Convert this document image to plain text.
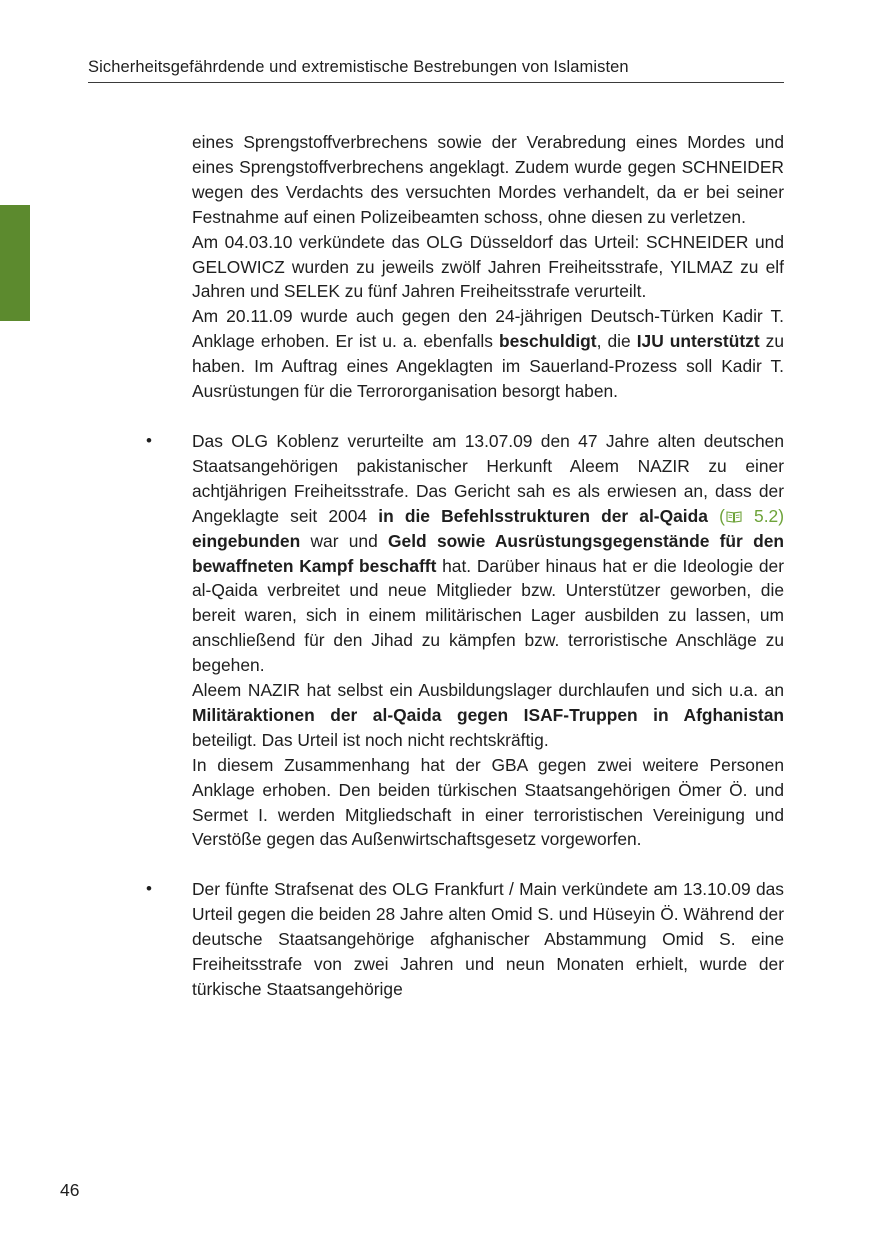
Sicherheitsgefährdende und extremistische Bestrebungen von Islamisten

eines Sprengstoffverbrechens sowie der Verabredung eines Mordes und eines Sprengstoffverbrechens angeklagt. Zudem wurde gegen SCHNEIDER wegen des Verdachts des versuchten Mordes verhandelt, da er bei seiner Festnahme auf einen Polizeibeamten schoss, ohne diesen zu verletzen.

Am 04.03.10 verkündete das OLG Düsseldorf das Urteil: SCHNEIDER und GELOWICZ wurden zu jeweils zwölf Jahren Freiheitsstrafe, YILMAZ zu elf Jahren und SELEK zu fünf Jahren Freiheitsstrafe verurteilt.

Am 20.11.09 wurde auch gegen den 24-jährigen Deutsch-Türken Kadir T. Anklage erhoben. Er ist u. a. ebenfalls beschuldigt, die IJU unterstützt zu haben. Im Auftrag eines Angeklagten im Sauerland-Prozess soll Kadir T. Ausrüstungen für die Terrororganisation besorgt haben.

• Das OLG Koblenz verurteilte am 13.07.09 den 47 Jahre alten deutschen Staatsangehörigen pakistanischer Herkunft Aleem NAZIR zu einer achtjährigen Freiheitsstrafe. Das Gericht sah es als erwiesen an, dass der Angeklagte seit 2004 in die Befehlsstrukturen der al-Qaida ( 5.2) eingebunden war und Geld sowie Ausrüstungsgegenstände für den bewaffneten Kampf beschafft hat. Darüber hinaus hat er die Ideologie der al-Qaida verbreitet und neue Mitglieder bzw. Unterstützer geworben, die bereit waren, sich in einem militärischen Lager ausbilden zu lassen, um anschließend für den Jihad zu kämpfen bzw. terroristische Anschläge zu begehen.

Aleem NAZIR hat selbst ein Ausbildungslager durchlaufen und sich u.a. an Militäraktionen der al-Qaida gegen ISAF-Truppen in Afghanistan beteiligt. Das Urteil ist noch nicht rechtskräftig.

In diesem Zusammenhang hat der GBA gegen zwei weitere Personen Anklage erhoben. Den beiden türkischen Staatsangehörigen Ömer Ö. und Sermet I. werden Mitgliedschaft in einer terroristischen Vereinigung und Verstöße gegen das Außenwirtschaftsgesetz vorgeworfen.

• Der fünfte Strafsenat des OLG Frankfurt / Main verkündete am 13.10.09 das Urteil gegen die beiden 28 Jahre alten Omid S. und Hüseyin Ö. Während der deutsche Staatsangehörige afghanischer Abstammung Omid S. eine Freiheitsstrafe von zwei Jahren und neun Monaten erhielt, wurde der türkische Staatsangehörige

46
